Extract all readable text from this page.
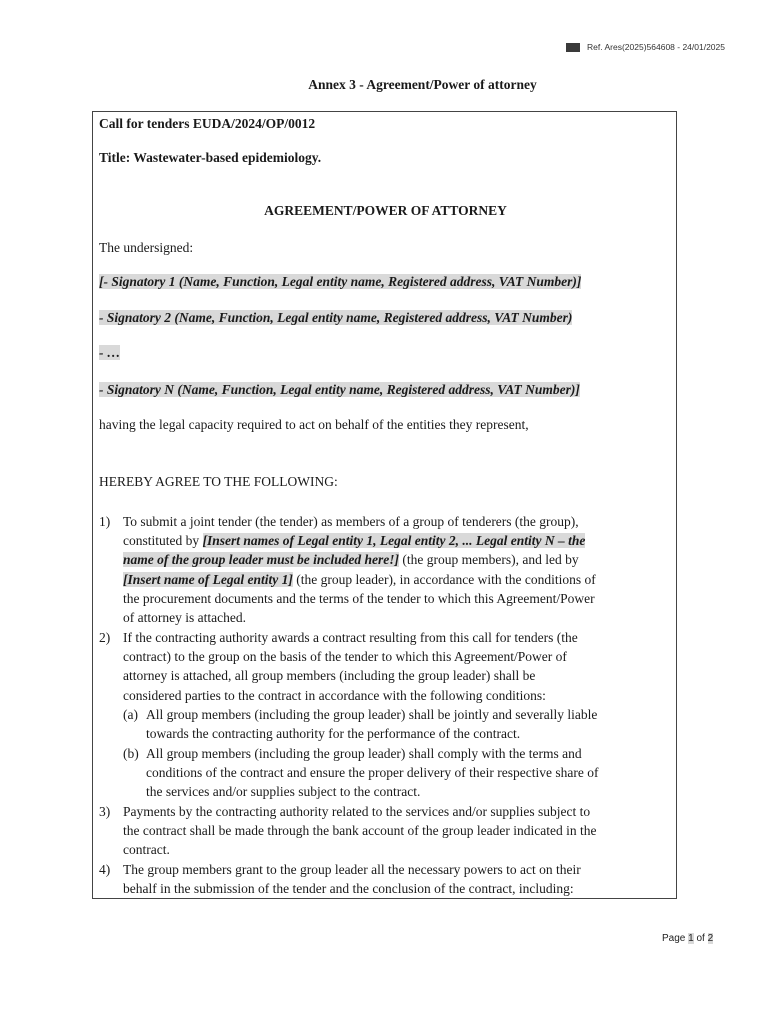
Ref. Ares(2025)564608 - 24/01/2025
Annex 3 - Agreement/Power of attorney
Call for tenders EUDA/2024/OP/0012
Title: Wastewater-based epidemiology.
AGREEMENT/POWER OF ATTORNEY
The undersigned:
[- Signatory 1 (Name, Function, Legal entity name, Registered address, VAT Number)]
- Signatory 2 (Name, Function, Legal entity name, Registered address, VAT Number)
- …
- Signatory N (Name, Function, Legal entity name, Registered address, VAT Number)]
having the legal capacity required to act on behalf of the entities they represent,
HEREBY AGREE TO THE FOLLOWING:
1) To submit a joint tender (the tender) as members of a group of tenderers (the group),
constituted by [Insert names of Legal entity 1, Legal entity 2, ... Legal entity N – the
name of the group leader must be included here!] (the group members), and led by
[Insert name of Legal entity 1] (the group leader), in accordance with the conditions of
the procurement documents and the terms of the tender to which this Agreement/Power
of attorney is attached.
2) If the contracting authority awards a contract resulting from this call for tenders (the
contract) to the group on the basis of the tender to which this Agreement/Power of
attorney is attached, all group members (including the group leader) shall be
considered parties to the contract in accordance with the following conditions:
(a) All group members (including the group leader) shall be jointly and severally liable
towards the contracting authority for the performance of the contract.
(b) All group members (including the group leader) shall comply with the terms and
conditions of the contract and ensure the proper delivery of their respective share of
the services and/or supplies subject to the contract.
3) Payments by the contracting authority related to the services and/or supplies subject to
the contract shall be made through the bank account of the group leader indicated in the
contract.
4) The group members grant to the group leader all the necessary powers to act on their
behalf in the submission of the tender and the conclusion of the contract, including:
Page 1 of 2
